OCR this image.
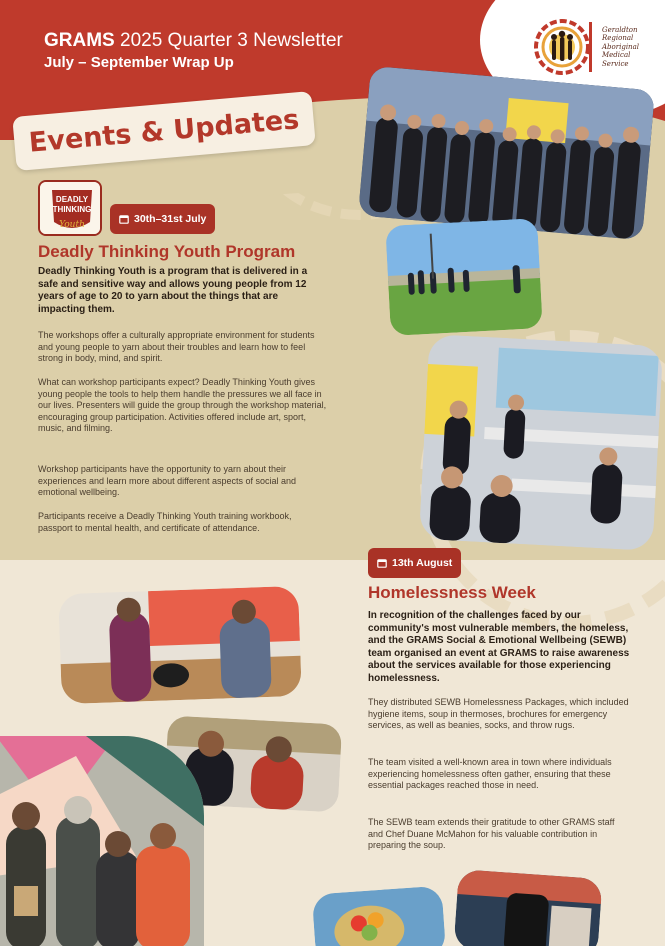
Geraldton
Regional
Aboriginal
Medical
Service
GRAMS 2025 Quarter 3 Newsletter
July – September Wrap Up
Events & Updates
DEADLY
THINKING
Youth	30th–31st July
Deadly Thinking Youth Program
Deadly Thinking Youth is a program that is delivered in a safe and sensitive way and allows young people from 12 years of age to 20 to yarn about the things that are impacting them.
The workshops offer a culturally appropriate environment for students and young people to yarn about their troubles and learn how to feel strong in body, mind, and spirit.
What can workshop participants expect? Deadly Thinking Youth gives young people the tools to help them handle the pressures we all face in our lives. Presenters will guide the group through the workshop material, encouraging group participation. Activities offered include art, sport, music, and filming.
Workshop participants have the opportunity to yarn about their experiences and learn more about different aspects of social and emotional wellbeing.
Participants receive a Deadly Thinking Youth training workbook, passport to mental health, and certificate of attendance.
13th August
Homelessness Week
In recognition of the challenges faced by our community's most vulnerable members, the homeless, and the GRAMS Social & Emotional Wellbeing (SEWB) team organised an event at GRAMS to raise awareness about the services available for those experiencing homelessness.
They distributed SEWB Homelessness Packages, which included hygiene items, soup in thermoses, brochures for emergency services, as well as beanies, socks, and throw rugs.
The team visited a well-known area in town where individuals experiencing homelessness often gather, ensuring that these essential packages reached those in need.
The SEWB team extends their gratitude to other GRAMS staff and Chef Duane McMahon for his valuable contribution in preparing the soup.
